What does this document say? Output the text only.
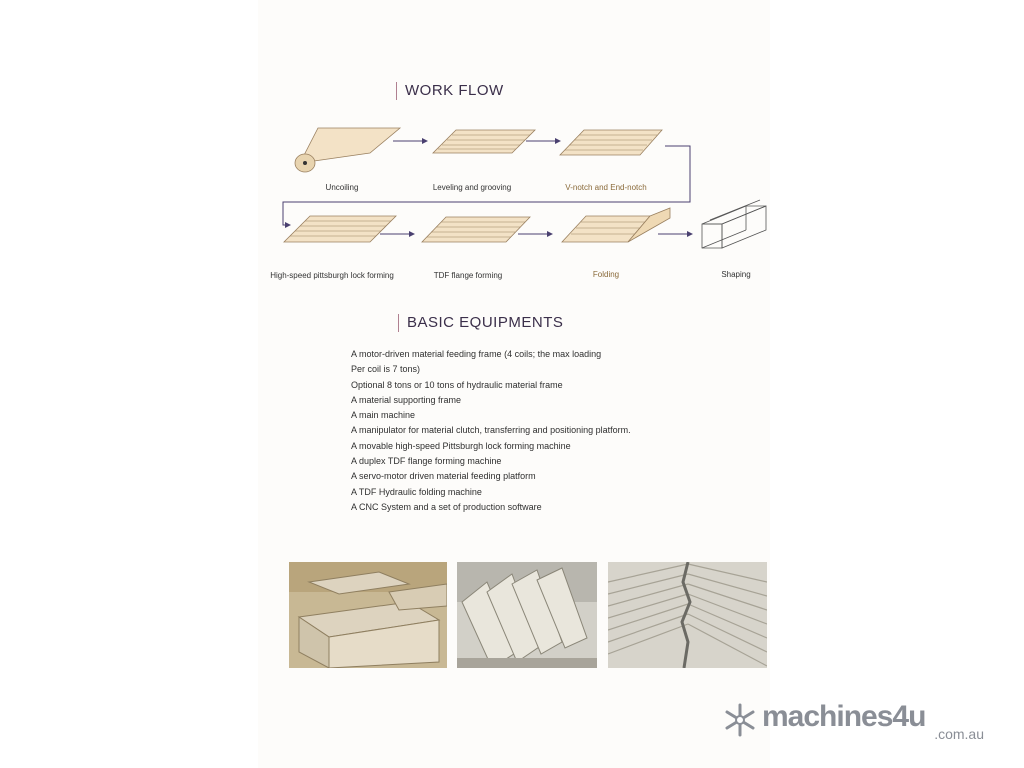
WORK FLOW
Uncoiling	Leveling and grooving	V-notch and End-notch
High-speed pittsburgh lock forming	TDF flange forming	Folding	Shaping
BASIC EQUIPMENTS
A motor-driven material feeding frame (4 coils; the max loading
Per coil is 7 tons)
Optional 8 tons or 10 tons of hydraulic material frame
A material supporting frame
A main machine
A manipulator for material clutch, transferring and positioning platform.
A movable high-speed Pittsburgh lock forming machine
A duplex TDF flange forming machine
A servo-motor driven material feeding platform
A TDF Hydraulic folding machine
A CNC System and a set of production software
machines4u
.com.au
